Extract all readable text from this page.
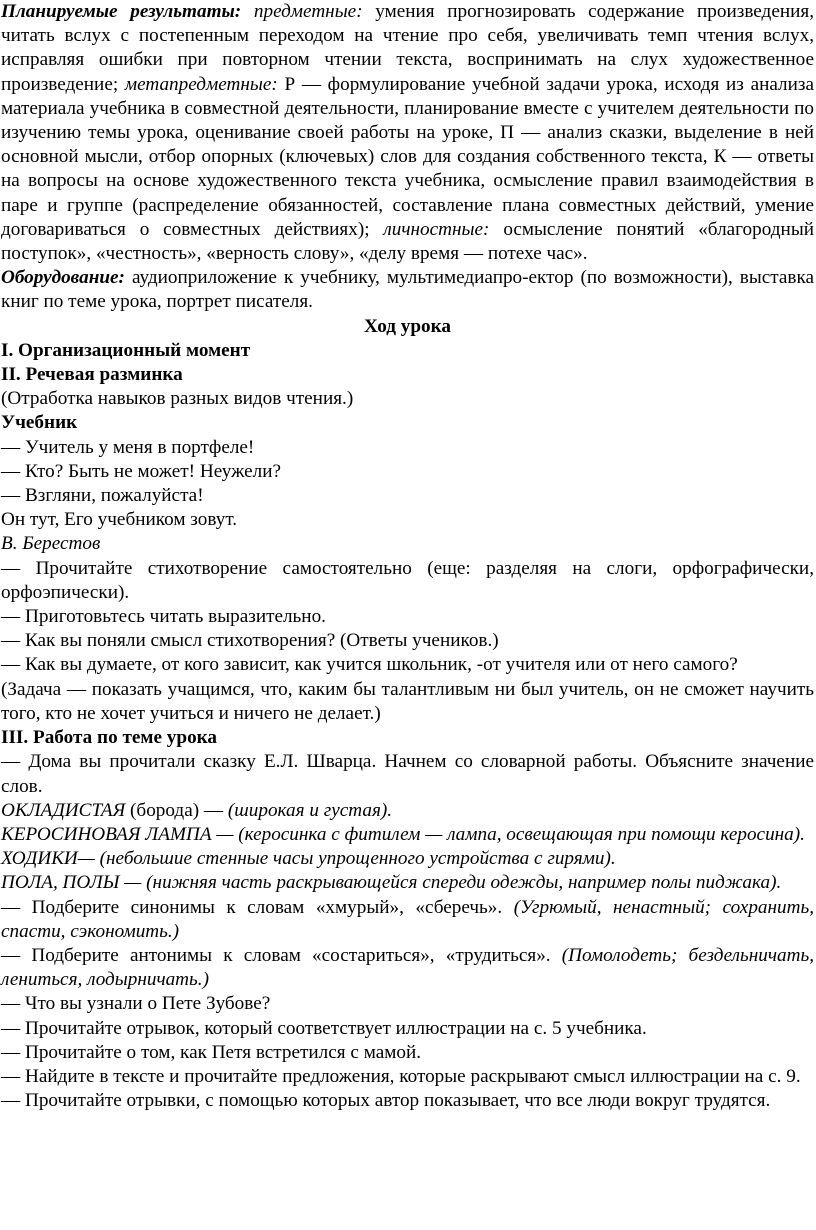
Планируемые результаты: предметные: умения прогнозировать содержание произведения, читать вслух с постепенным переходом на чтение про себя, увеличивать темп чтения вслух, исправляя ошибки при повторном чтении текста, воспринимать на слух художественное произведение; метапредметные: Р — формулирование учебной задачи урока, исходя из анализа материала учебника в совместной деятельности, планирование вместе с учителем деятельности по изучению темы урока, оценивание своей работы на уроке, П — анализ сказки, выделение в ней основной мысли, отбор опорных (ключевых) слов для создания собственного текста, К — ответы на вопросы на основе художественного текста учебника, осмысление правил взаимодействия в паре и группе (распределение обязанностей, составление плана совместных действий, умение договариваться о совместных действиях); личностные: осмысление понятий «благородный поступок», «честность», «верность слову», «делу время — потехе час».

Оборудование: аудиоприложение к учебнику, мультимедиапро-ектор (по возможности), выставка книг по теме урока, портрет писателя.

Ход урока

I. Организационный момент

II. Речевая разминка

(Отработка навыков разных видов чтения.)

Учебник

— Учитель у меня в портфеле!

— Кто? Быть не может! Неужели?

— Взгляни, пожалуйста!

Он тут, Его учебником зовут.

В. Берестов

— Прочитайте стихотворение самостоятельно (еще: разделяя на слоги, орфографически, орфоэпически).

— Приготовьтесь читать выразительно.

— Как вы поняли смысл стихотворения? (Ответы учеников.)

— Как вы думаете, от кого зависит, как учится школьник, -от учителя или от него самого?

(Задача — показать учащимся, что, каким бы талантливым ни был учитель, он не сможет научить того, кто не хочет учиться и ничего не делает.)

III. Работа по теме урока

— Дома вы прочитали сказку Е.Л. Шварца. Начнем со словарной работы. Объясните значение слов.

ОКЛАДИСТАЯ (борода) — (широкая и густая).

КЕРОСИНОВАЯ ЛАМПА — (керосинка с фитилем — лампа, освещающая при помощи керосина).

ХОДИКИ— (небольшие стенные часы упрощенного устройства с гирями).

ПОЛА, ПОЛЫ — (нижняя часть раскрывающейся спереди одежды, например полы пиджака).

— Подберите синонимы к словам «хмурый», «сберечь». (Угрюмый, ненастный; сохранить, спасти, сэкономить.)

— Подберите антонимы к словам «состариться», «трудиться». (Помолодеть; бездельничать, лениться, лодырничать.)

— Что вы узнали о Пете Зубове?

— Прочитайте отрывок, который соответствует иллюстрации на с. 5 учебника.

— Прочитайте о том, как Петя встретился с мамой.

— Найдите в тексте и прочитайте предложения, которые раскрывают смысл иллюстрации на с. 9.

— Прочитайте отрывки, с помощью которых автор показывает, что все люди вокруг трудятся.
